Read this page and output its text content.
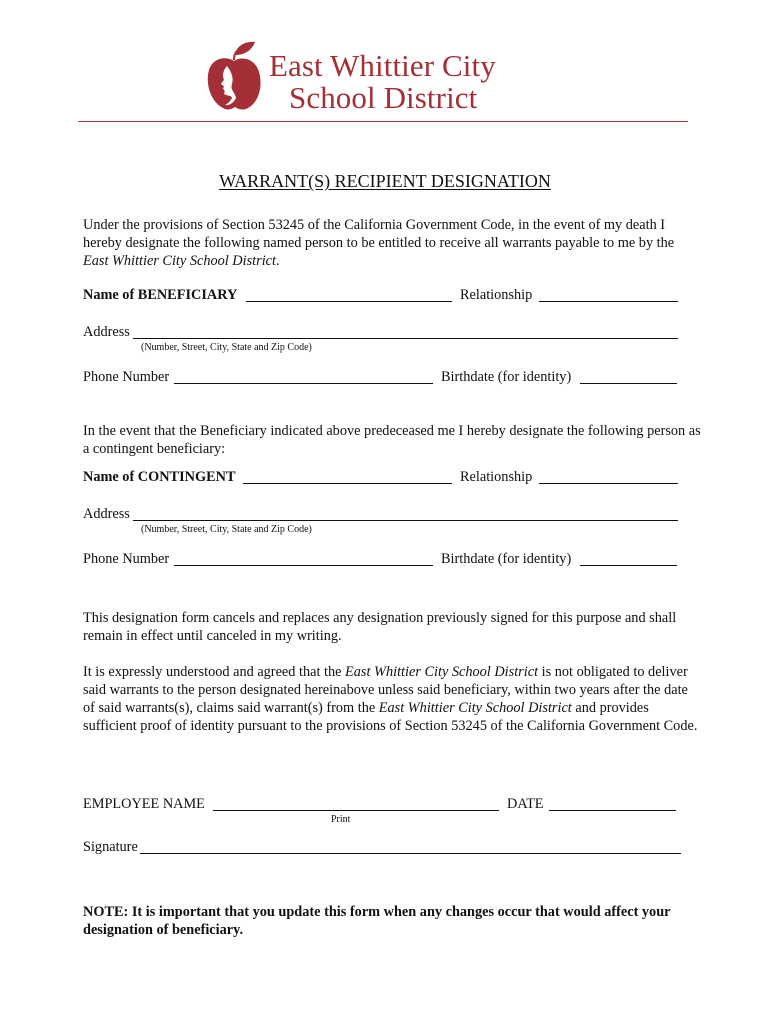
East Whittier City
School District
WARRANT(S) RECIPIENT DESIGNATION
Under the provisions of Section 53245 of the California Government Code, in the event of my death I hereby designate the following named person to be entitled to receive all warrants payable to me by the East Whittier City School District.
Name of BENEFICIARY	Relationship
Address
(Number, Street, City, State and Zip Code)
Phone Number	Birthdate (for identity)
In the event that the Beneficiary indicated above predeceased me I hereby designate the following person as a contingent beneficiary:
Name of CONTINGENT	Relationship
Address
(Number, Street, City, State and Zip Code)
Phone Number	Birthdate (for identity)
This designation form cancels and replaces any designation previously signed for this purpose and shall remain in effect until canceled in my writing.
It is expressly understood and agreed that the East Whittier City School District is not obligated to deliver said warrants to the person designated hereinabove unless said beneficiary, within two years after the date of said warrants(s), claims said warrant(s) from the East Whittier City School District and provides sufficient proof of identity pursuant to the provisions of Section 53245 of the California Government Code.
EMPLOYEE NAME	DATE
Print
Signature
NOTE: It is important that you update this form when any changes occur that would affect your designation of beneficiary.
